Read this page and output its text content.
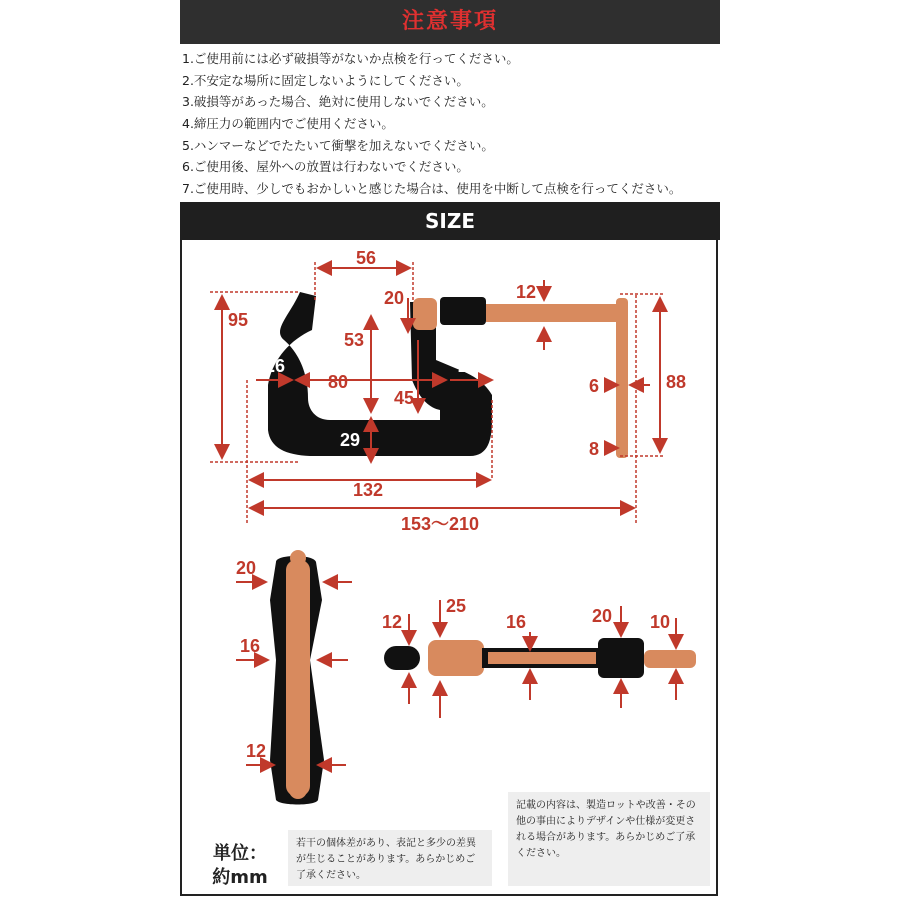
注意事項
1.ご使用前には必ず破損等がないか点検を行ってください。
2.不安定な場所に固定しないようにしてください。
3.破損等があった場合、絶対に使用しないでください。
4.締圧力の範囲内でご使用ください。
5.ハンマーなどでたたいて衝撃を加えないでください。
6.ご使用後、屋外への放置は行わないでください。
7.ご使用時、少しでもおかしいと感じた場合は、使用を中断して点検を行ってください。
SIZE
56
20	12
95
53
26
80
26
45
6	88
29	8
132
153〜210
20
16
12
12
25
16	20 10
単位：
約mm
若干の個体差があり、表記と多少の差異が生じることがあります。あらかじめご了承ください。
記載の内容は、製造ロットや改善・その他の事由によりデザインや仕様が変更される場合があります。あらかじめご了承ください。
